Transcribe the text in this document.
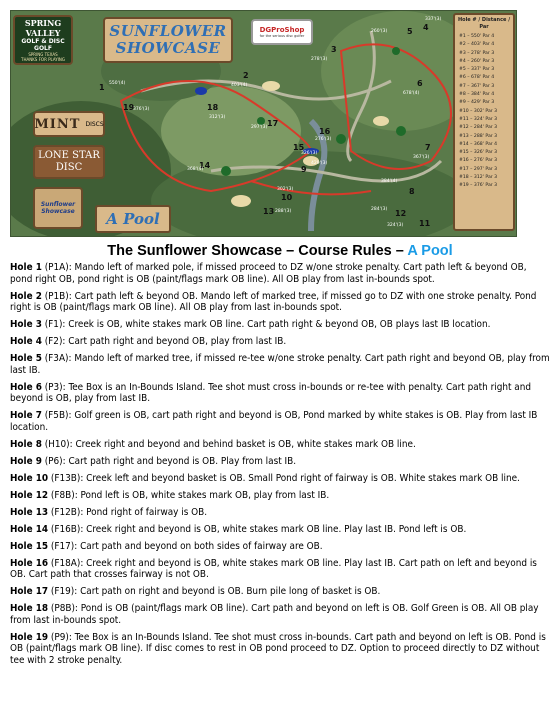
SPRING VALLEY
GOLF & DISC GOLF
SPRING TEXAS
THANKS FOR PLAYING
SUNFLOWER
SHOWCASE
DGProShop
for the serious disc golfer
MINT
DISCS
LONE STAR
DISC
Sunflower Showcase	A Pool
Hole # / Distance / Par
#1 – 550' Par 4
#2 – 403' Par 4
#3 – 278' Par 3
#4 – 260' Par 3
#5 – 337' Par 3
#6 – 678' Par 4
#7 – 367' Par 3
#8 – 384' Par 4
#9 – 429' Par 3
#10 – 302' Par 3
#11 – 324' Par 3
#12 – 284' Par 3
#13 – 288' Par 3
#14 – 368' Par 4
#15 – 326' Par 3
#16 – 276' Par 3
#17 – 297' Par 3
#18 – 312' Par 3
#19 – 376' Par 3
1 550'(4)
2
403'(4)
3
278'(3)
4
260'(3) 5
337'(3)
6
678'(4)
7
367'(3)
8
384'(4)
9
429'(3)
10
302'(3)
11
324'(3)
12
284'(3)
13 288'(3)
14
368'(4)
15
326'(3)
16
276'(3)
17
297'(3)
18
312'(3)
19
376'(3)
The Sunflower Showcase – Course Rules – A Pool
Hole 1 (P1A): Mando left of marked pole, if missed proceed to DZ w/one stroke penalty. Cart path left & beyond OB, pond right OB, pond right is OB (paint/flags mark OB line). All OB play from last in-bounds spot.
Hole 2 (P1B): Cart path left & beyond OB. Mando left of marked tree, if missed go to DZ with one stroke penalty. Pond right is OB (paint/flags mark OB line). All OB play from last in-bounds spot.
Hole 3 (F1): Creek is OB, white stakes mark OB line. Cart path right & beyond OB, OB plays last IB location.
Hole 4 (F2): Cart path right and beyond OB, play from last IB.
Hole 5 (F3A): Mando left of marked tree, if missed re-tee w/one stroke penalty. Cart path right and beyond OB, play from last IB.
Hole 6 (P3): Tee Box is an In-Bounds Island. Tee shot must cross in-bounds or re-tee with penalty. Cart path right and beyond is OB, play from last IB.
Hole 7 (F5B): Golf green is OB, cart path right and beyond is OB, Pond marked by white stakes is OB. Play from last IB location.
Hole 8 (H10): Creek right and beyond and behind basket is OB, white stakes mark OB line.
Hole 9 (P6): Cart path right and beyond is OB. Play from last IB.
Hole 10 (F13B): Creek left and beyond basket is OB. Small Pond right of fairway is OB. White stakes mark OB line.
Hole 12 (F8B): Pond left is OB, white stakes mark OB, play from last IB.
Hole 13 (F12B): Pond right of fairway is OB.
Hole 14 (F16B): Creek right and beyond is OB, white stakes mark OB line. Play last IB. Pond left is OB.
Hole 15 (F17): Cart path and beyond on both sides of fairway are OB.
Hole 16 (F18A): Creek right and beyond is OB, white stakes mark OB line. Play last IB. Cart path on left and beyond is OB. Cart path that crosses fairway is not OB.
Hole 17 (F19): Cart path on right and beyond is OB. Burn pile long of basket is OB.
Hole 18 (P8B): Pond is OB (paint/flags mark OB line). Cart path and beyond on left is OB. Golf Green is OB. All OB play from last in-bounds spot.
Hole 19 (P9): Tee Box is an In-Bounds Island. Tee shot must cross in-bounds. Cart path and beyond on left is OB. Pond is OB (paint/flags mark OB line). If disc comes to rest in OB pond proceed to DZ. Option to proceed directly to DZ without tee with 2 stroke penalty.
